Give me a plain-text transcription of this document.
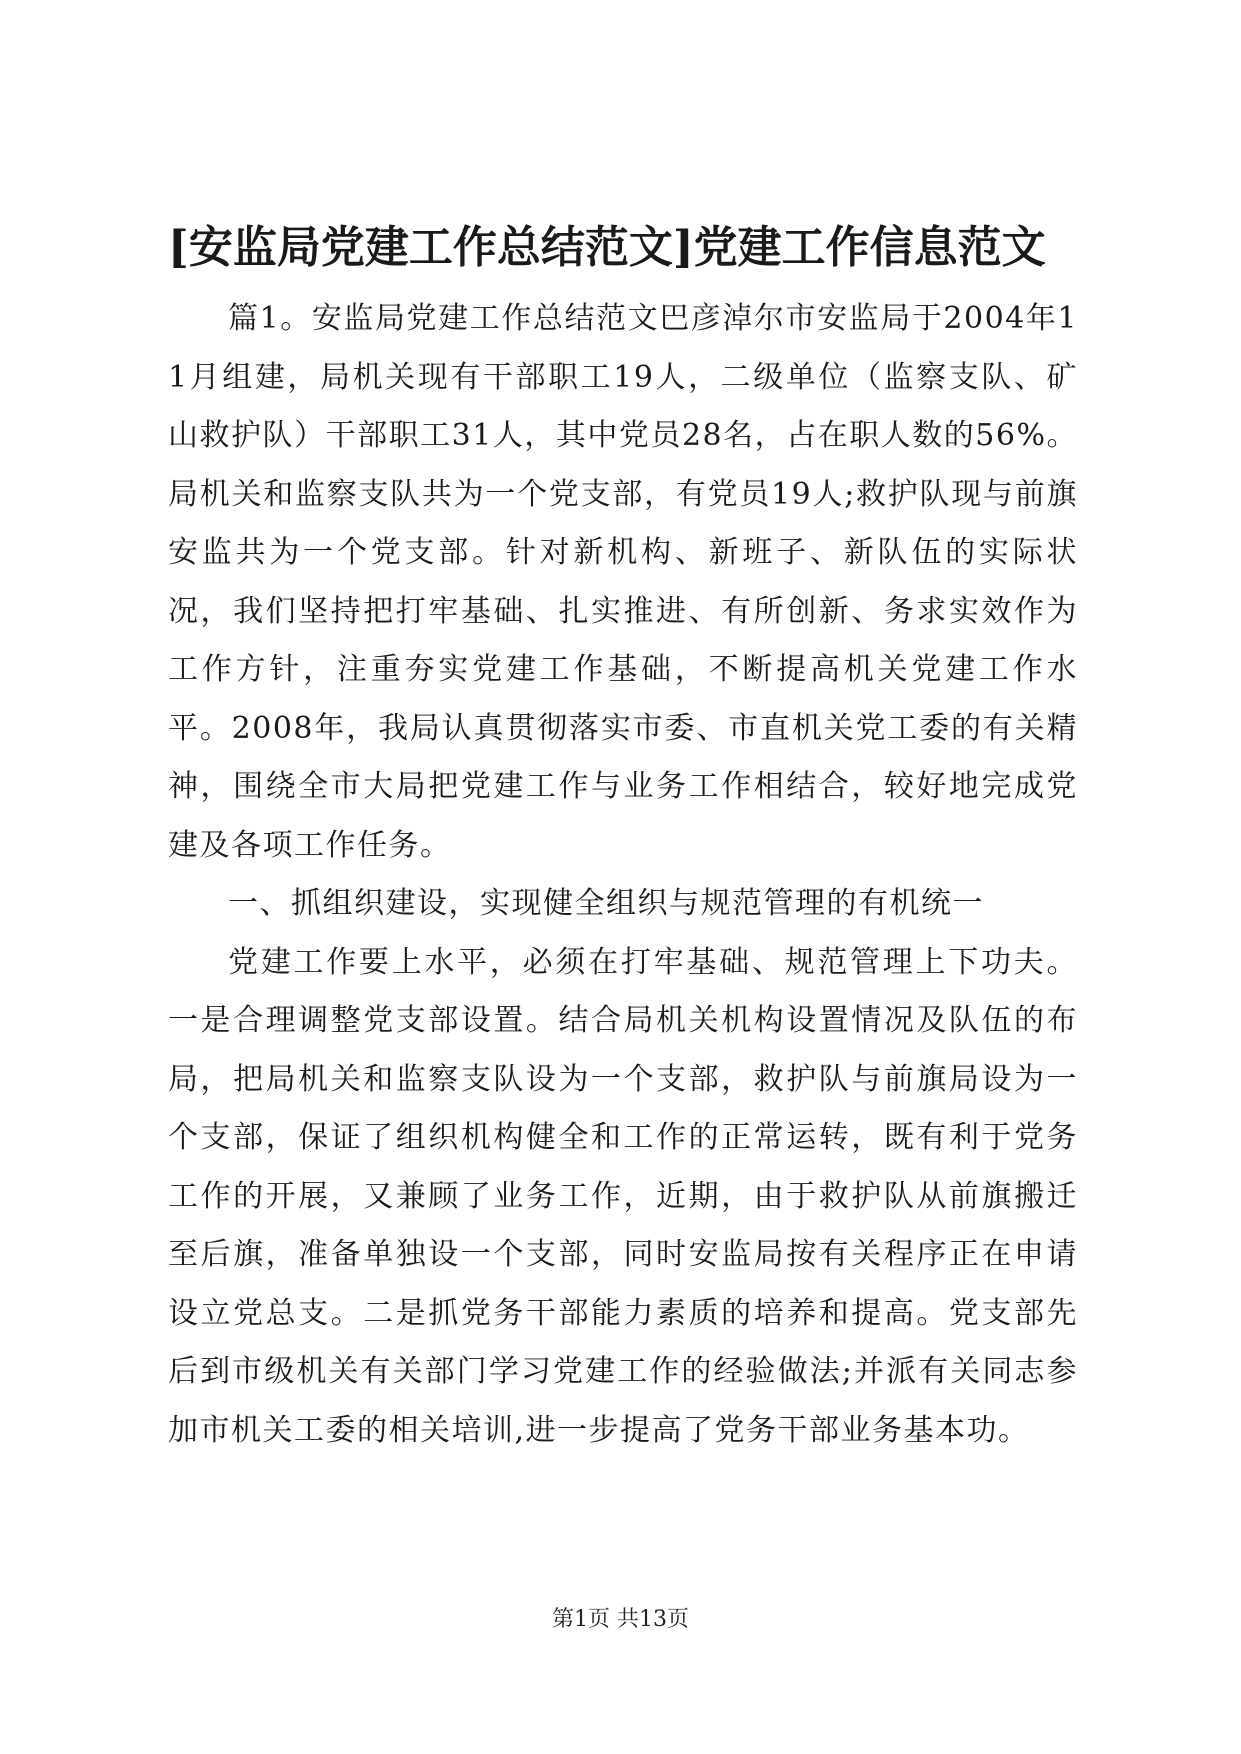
[安监局党建工作总结范文]党建工作信息范文

篇1。安监局党建工作总结范文巴彦淖尔市安监局于2004年11月组建，局机关现有干部职工19人，二级单位（监察支队、矿山救护队）干部职工31人，其中党员28名，占在职人数的56%。局机关和监察支队共为一个党支部，有党员19人;救护队现与前旗安监共为一个党支部。针对新机构、新班子、新队伍的实际状况，我们坚持把打牢基础、扎实推进、有所创新、务求实效作为工作方针，注重夯实党建工作基础，不断提高机关党建工作水平。2008年，我局认真贯彻落实市委、市直机关党工委的有关精神，围绕全市大局把党建工作与业务工作相结合，较好地完成党建及各项工作任务。

一、抓组织建设，实现健全组织与规范管理的有机统一

党建工作要上水平，必须在打牢基础、规范管理上下功夫。一是合理调整党支部设置。结合局机关机构设置情况及队伍的布局，把局机关和监察支队设为一个支部，救护队与前旗局设为一个支部，保证了组织机构健全和工作的正常运转，既有利于党务工作的开展，又兼顾了业务工作，近期，由于救护队从前旗搬迁至后旗，准备单独设一个支部，同时安监局按有关程序正在申请设立党总支。二是抓党务干部能力素质的培养和提高。党支部先后到市级机关有关部门学习党建工作的经验做法;并派有关同志参加市机关工委的相关培训,进一步提高了党务干部业务基本功。

第1页 共13页
